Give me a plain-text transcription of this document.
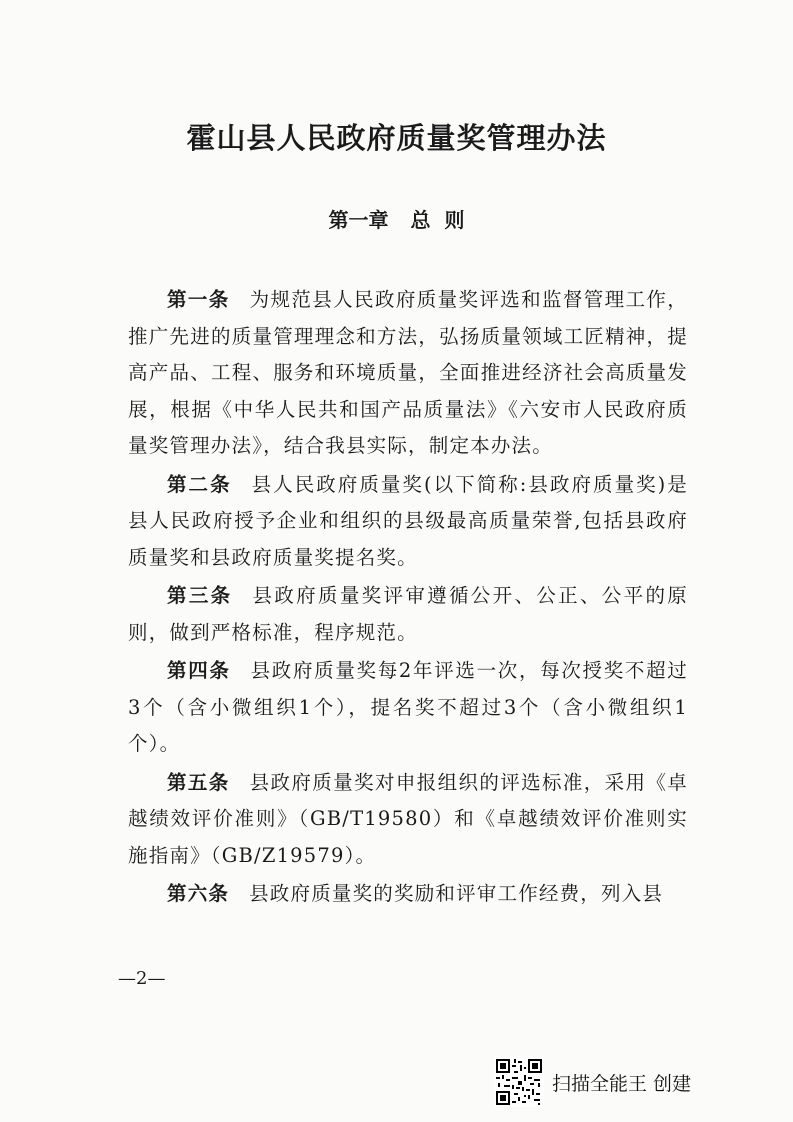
霍山县人民政府质量奖管理办法
第一章 总  则

第一条 为规范县人民政府质量奖评选和监督管理工作，推广先进的质量管理理念和方法，弘扬质量领域工匠精神，提高产品、工程、服务和环境质量，全面推进经济社会高质量发展，根据《中华人民共和国产品质量法》《六安市人民政府质量奖管理办法》，结合我县实际，制定本办法。

第二条 县人民政府质量奖(以下简称:县政府质量奖)是县人民政府授予企业和组织的县级最高质量荣誉,包括县政府质量奖和县政府质量奖提名奖。

第三条 县政府质量奖评审遵循公开、公正、公平的原则，做到严格标准，程序规范。

第四条 县政府质量奖每2年评选一次，每次授奖不超过3个（含小微组织1个），提名奖不超过3个（含小微组织1个）。

第五条 县政府质量奖对申报组织的评选标准，采用《卓越绩效评价准则》（GB/T19580）和《卓越绩效评价准则实施指南》（GB/Z19579）。

第六条 县政府质量奖的奖励和评审工作经费，列入县

—2—
扫描全能王 创建
